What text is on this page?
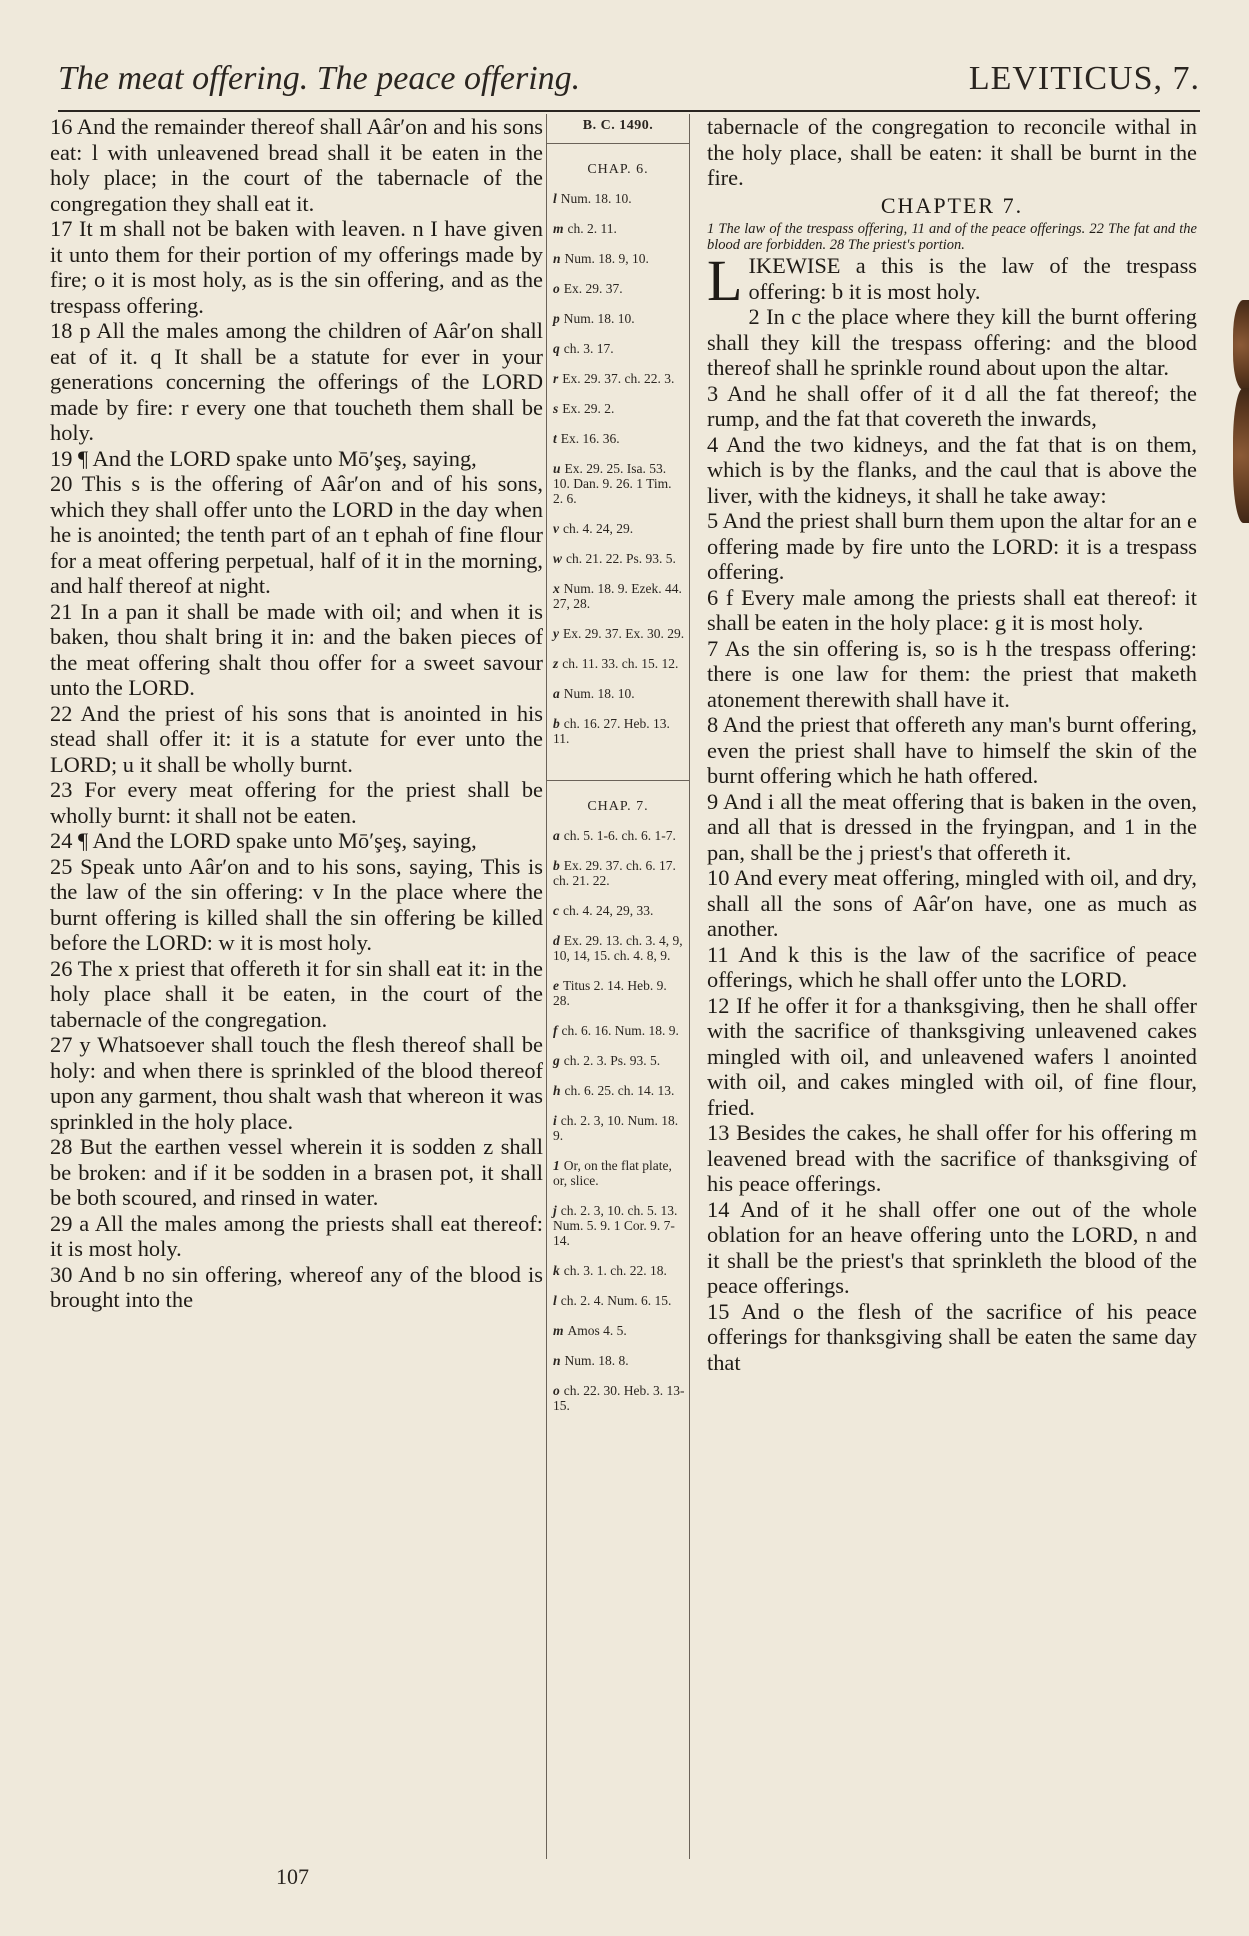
The meat offering. The peace offering.	LEVITICUS, 7.

16 And the remainder thereof shall Aâr′on and his sons eat: l with unleavened bread shall it be eaten in the holy place; in the court of the tabernacle of the congregation they shall eat it.

17 It m shall not be baken with leaven. n I have given it unto them for their portion of my offerings made by fire; o it is most holy, as is the sin offering, and as the trespass offering.

18 p All the males among the children of Aâr′on shall eat of it. q It shall be a statute for ever in your generations concerning the offerings of the LORD made by fire: r every one that toucheth them shall be holy.

19 ¶ And the LORD spake unto Mō′şeş, saying,

20 This s is the offering of Aâr′on and of his sons, which they shall offer unto the LORD in the day when he is anointed; the tenth part of an t ephah of fine flour for a meat offering perpetual, half of it in the morning, and half thereof at night.

21 In a pan it shall be made with oil; and when it is baken, thou shalt bring it in: and the baken pieces of the meat offering shalt thou offer for a sweet savour unto the LORD.

22 And the priest of his sons that is anointed in his stead shall offer it: it is a statute for ever unto the LORD; u it shall be wholly burnt.

23 For every meat offering for the priest shall be wholly burnt: it shall not be eaten.

24 ¶ And the LORD spake unto Mō′şeş, saying,

25 Speak unto Aâr′on and to his sons, saying, This is the law of the sin offering: v In the place where the burnt offering is killed shall the sin offering be killed before the LORD: w it is most holy.

26 The x priest that offereth it for sin shall eat it: in the holy place shall it be eaten, in the court of the tabernacle of the congregation.

27 y Whatsoever shall touch the flesh thereof shall be holy: and when there is sprinkled of the blood thereof upon any garment, thou shalt wash that whereon it was sprinkled in the holy place.

28 But the earthen vessel wherein it is sodden z shall be broken: and if it be sodden in a brasen pot, it shall be both scoured, and rinsed in water.

29 a All the males among the priests shall eat thereof: it is most holy.

30 And b no sin offering, whereof any of the blood is brought into the

B. C. 1490.
CHAP. 6.
l Num. 18. 10.
m ch. 2. 11.
n Num. 18. 9, 10.
o Ex. 29. 37.
p Num. 18. 10.
q ch. 3. 17.
r Ex. 29. 37. ch. 22. 3.
s Ex. 29. 2.
t Ex. 16. 36.
u Ex. 29. 25. Isa. 53. 10. Dan. 9. 26. 1 Tim. 2. 6.
v ch. 4. 24, 29.
w ch. 21. 22. Ps. 93. 5.
x Num. 18. 9. Ezek. 44. 27, 28.
y Ex. 29. 37. Ex. 30. 29.
z ch. 11. 33. ch. 15. 12.
a Num. 18. 10.
b ch. 16. 27. Heb. 13. 11.
CHAP. 7.
a ch. 5. 1-6. ch. 6. 1-7.
b Ex. 29. 37. ch. 6. 17. ch. 21. 22.
c ch. 4. 24, 29, 33.
d Ex. 29. 13. ch. 3. 4, 9, 10, 14, 15. ch. 4. 8, 9.
e Titus 2. 14. Heb. 9. 28.
f ch. 6. 16. Num. 18. 9.
g ch. 2. 3. Ps. 93. 5.
h ch. 6. 25. ch. 14. 13.
i ch. 2. 3, 10. Num. 18. 9.
1 Or, on the flat plate, or, slice.
j ch. 2. 3, 10. ch. 5. 13. Num. 5. 9. 1 Cor. 9. 7-14.
k ch. 3. 1. ch. 22. 18.
l ch. 2. 4. Num. 6. 15.
m Amos 4. 5.
n Num. 18. 8.
o ch. 22. 30. Heb. 3. 13-15.

tabernacle of the congregation to reconcile withal in the holy place, shall be eaten: it shall be burnt in the fire.

CHAPTER 7.

1 The law of the trespass offering, 11 and of the peace offerings. 22 The fat and the blood are forbidden. 28 The priest's portion.

LIKEWISE a this is the law of the trespass offering: b it is most holy.

2 In c the place where they kill the burnt offering shall they kill the trespass offering: and the blood thereof shall he sprinkle round about upon the altar.

3 And he shall offer of it d all the fat thereof; the rump, and the fat that covereth the inwards,

4 And the two kidneys, and the fat that is on them, which is by the flanks, and the caul that is above the liver, with the kidneys, it shall he take away:

5 And the priest shall burn them upon the altar for an e offering made by fire unto the LORD: it is a trespass offering.

6 f Every male among the priests shall eat thereof: it shall be eaten in the holy place: g it is most holy.

7 As the sin offering is, so is h the trespass offering: there is one law for them: the priest that maketh atonement therewith shall have it.

8 And the priest that offereth any man's burnt offering, even the priest shall have to himself the skin of the burnt offering which he hath offered.

9 And i all the meat offering that is baken in the oven, and all that is dressed in the fryingpan, and 1 in the pan, shall be the j priest's that offereth it.

10 And every meat offering, mingled with oil, and dry, shall all the sons of Aâr′on have, one as much as another.

11 And k this is the law of the sacrifice of peace offerings, which he shall offer unto the LORD.

12 If he offer it for a thanksgiving, then he shall offer with the sacrifice of thanksgiving unleavened cakes mingled with oil, and unleavened wafers l anointed with oil, and cakes mingled with oil, of fine flour, fried.

13 Besides the cakes, he shall offer for his offering m leavened bread with the sacrifice of thanksgiving of his peace offerings.

14 And of it he shall offer one out of the whole oblation for an heave offering unto the LORD, n and it shall be the priest's that sprinkleth the blood of the peace offerings.

15 And o the flesh of the sacrifice of his peace offerings for thanksgiving shall be eaten the same day that

107
